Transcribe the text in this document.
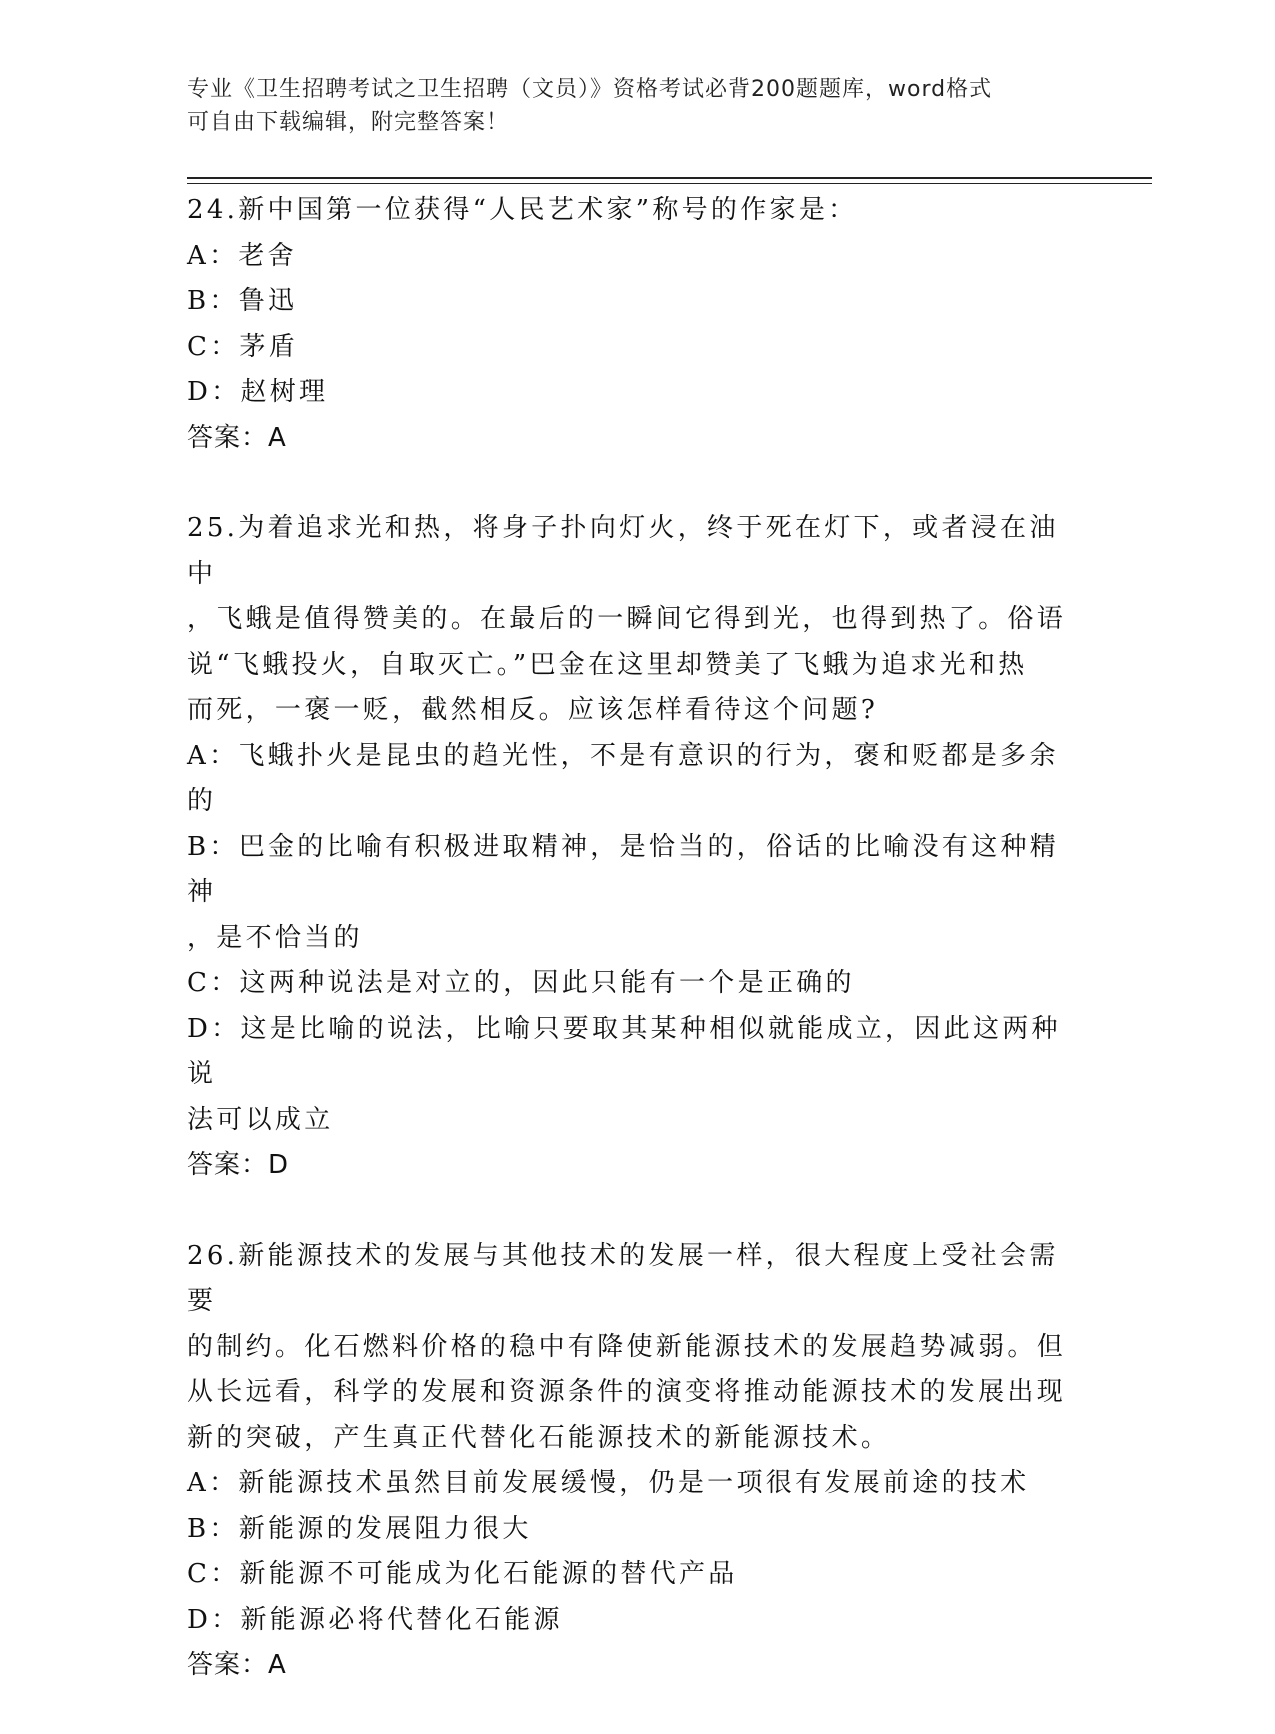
专业《卫生招聘考试之卫生招聘（文员）》资格考试必背200题题库，word格式
可自由下载编辑，附完整答案！
24.新中国第一位获得“人民艺术家”称号的作家是：
A：老舍
B：鲁迅
C：茅盾
D：赵树理
答案：A
25.为着追求光和热，将身子扑向灯火，终于死在灯下，或者浸在油中
，飞蛾是值得赞美的。在最后的一瞬间它得到光，也得到热了。俗语
说“飞蛾投火，自取灭亡。”巴金在这里却赞美了飞蛾为追求光和热
而死，一褒一贬，截然相反。应该怎样看待这个问题?
A：飞蛾扑火是昆虫的趋光性，不是有意识的行为，褒和贬都是多余的
B：巴金的比喻有积极进取精神，是恰当的，俗话的比喻没有这种精神
，是不恰当的
C：这两种说法是对立的，因此只能有一个是正确的
D：这是比喻的说法，比喻只要取其某种相似就能成立，因此这两种说
法可以成立
答案：D
26.新能源技术的发展与其他技术的发展一样，很大程度上受社会需要
的制约。化石燃料价格的稳中有降使新能源技术的发展趋势减弱。但
从长远看，科学的发展和资源条件的演变将推动能源技术的发展出现
新的突破，产生真正代替化石能源技术的新能源技术。
A：新能源技术虽然目前发展缓慢，仍是一项很有发展前途的技术
B：新能源的发展阻力很大
C：新能源不可能成为化石能源的替代产品
D：新能源必将代替化石能源
答案：A
